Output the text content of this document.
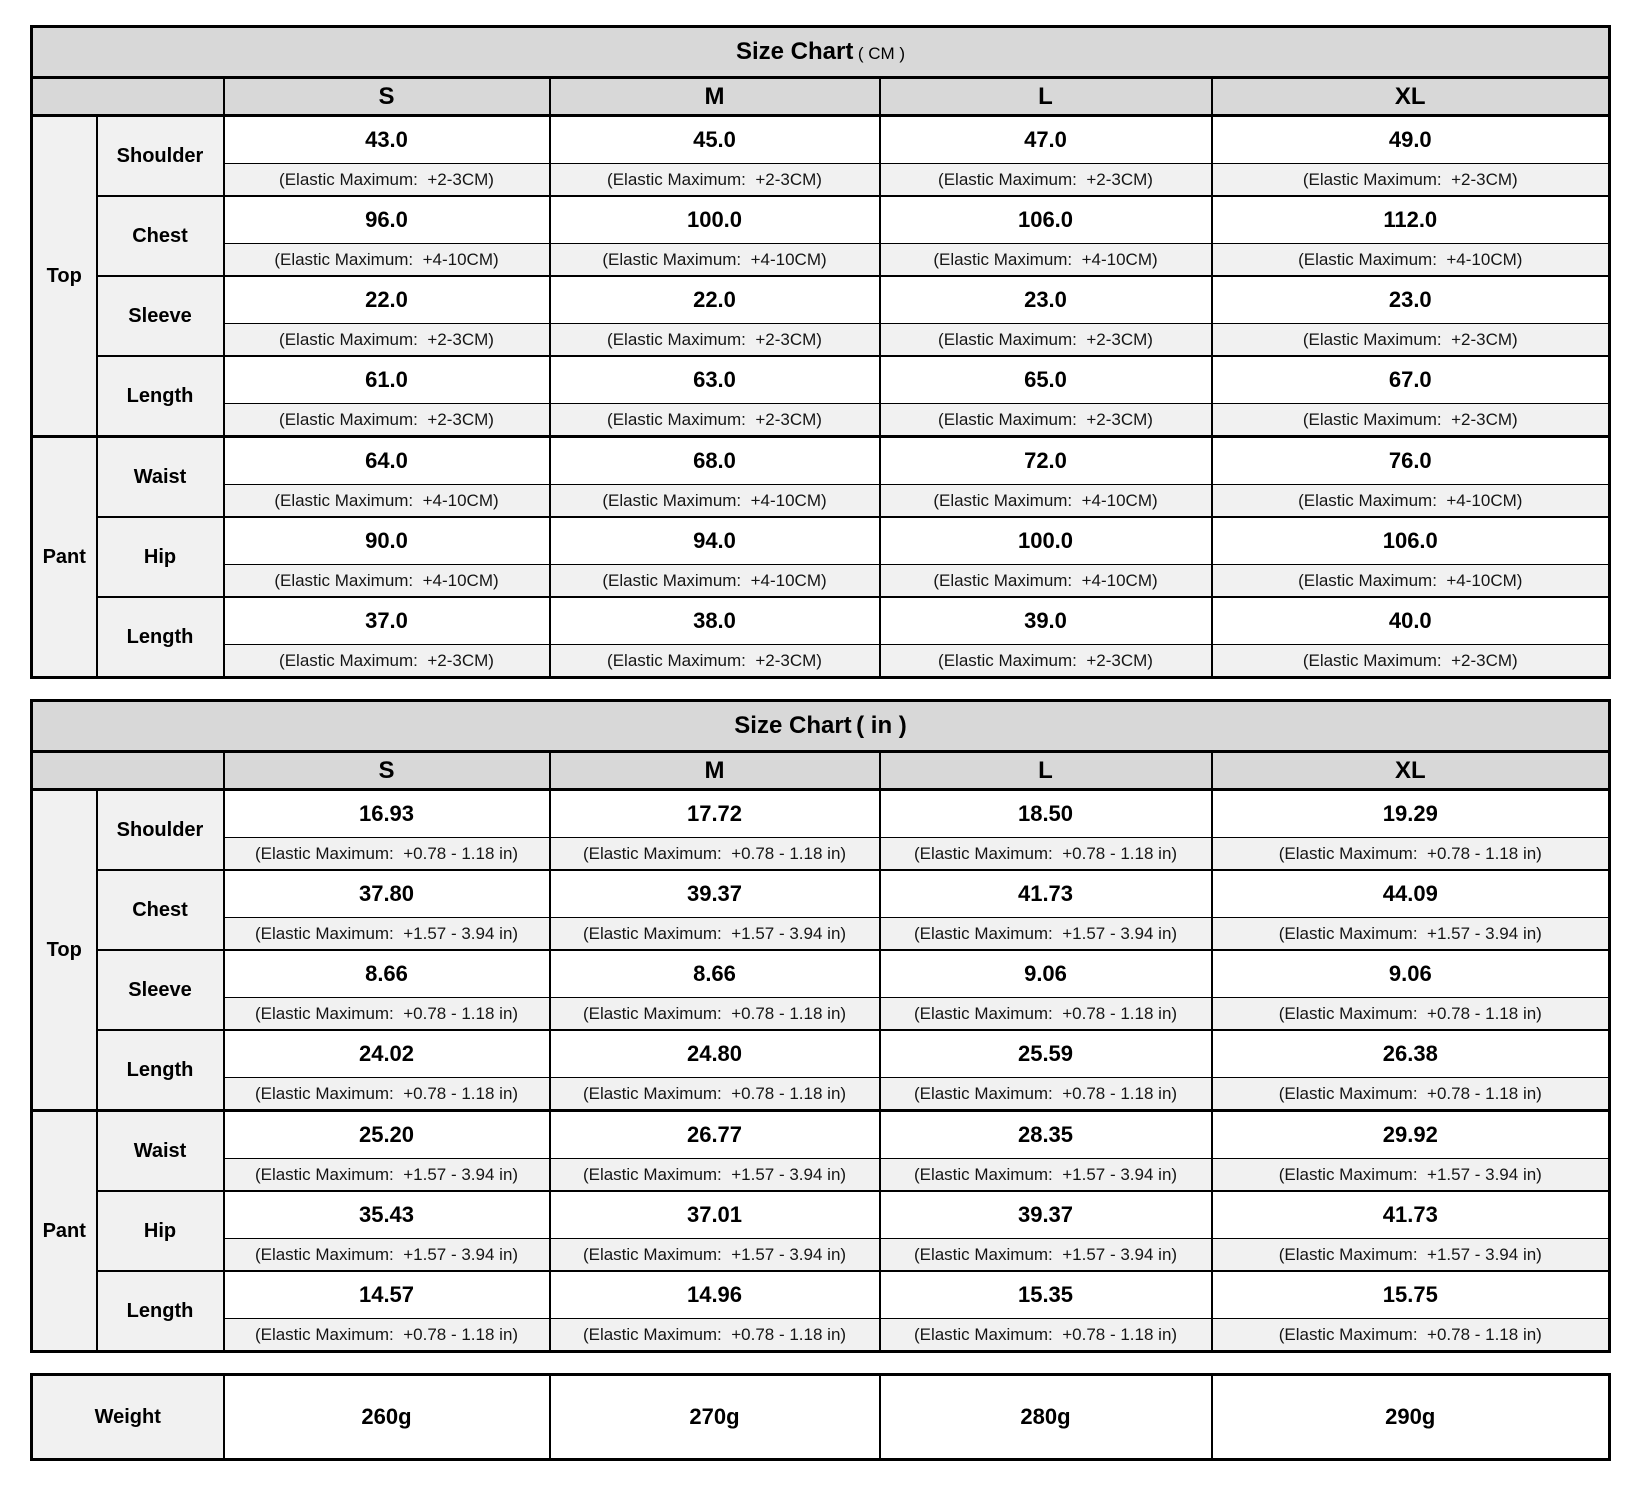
Size Chart ( CM )					
		S	M	L	XL
Top	Shoulder	43.0	45.0	47.0	49.0
		(Elastic Maximum:  +2-3CM)	(Elastic Maximum:  +2-3CM)	(Elastic Maximum:  +2-3CM)	(Elastic Maximum:  +2-3CM)
	Chest	96.0	100.0	106.0	112.0
		(Elastic Maximum:  +4-10CM)	(Elastic Maximum:  +4-10CM)	(Elastic Maximum:  +4-10CM)	(Elastic Maximum:  +4-10CM)
	Sleeve	22.0	22.0	23.0	23.0
		(Elastic Maximum:  +2-3CM)	(Elastic Maximum:  +2-3CM)	(Elastic Maximum:  +2-3CM)	(Elastic Maximum:  +2-3CM)
	Length	61.0	63.0	65.0	67.0
		(Elastic Maximum:  +2-3CM)	(Elastic Maximum:  +2-3CM)	(Elastic Maximum:  +2-3CM)	(Elastic Maximum:  +2-3CM)
Pant	Waist	64.0	68.0	72.0	76.0
		(Elastic Maximum:  +4-10CM)	(Elastic Maximum:  +4-10CM)	(Elastic Maximum:  +4-10CM)	(Elastic Maximum:  +4-10CM)
	Hip	90.0	94.0	100.0	106.0
		(Elastic Maximum:  +4-10CM)	(Elastic Maximum:  +4-10CM)	(Elastic Maximum:  +4-10CM)	(Elastic Maximum:  +4-10CM)
	Length	37.0	38.0	39.0	40.0
		(Elastic Maximum:  +2-3CM)	(Elastic Maximum:  +2-3CM)	(Elastic Maximum:  +2-3CM)	(Elastic Maximum:  +2-3CM)
Size Chart ( in )					
		S	M	L	XL
Top	Shoulder	16.93	17.72	18.50	19.29
		(Elastic Maximum:  +0.78 - 1.18 in)	(Elastic Maximum:  +0.78 - 1.18 in)	(Elastic Maximum:  +0.78 - 1.18 in)	(Elastic Maximum:  +0.78 - 1.18 in)
	Chest	37.80	39.37	41.73	44.09
		(Elastic Maximum:  +1.57 - 3.94 in)	(Elastic Maximum:  +1.57 - 3.94 in)	(Elastic Maximum:  +1.57 - 3.94 in)	(Elastic Maximum:  +1.57 - 3.94 in)
	Sleeve	8.66	8.66	9.06	9.06
		(Elastic Maximum:  +0.78 - 1.18 in)	(Elastic Maximum:  +0.78 - 1.18 in)	(Elastic Maximum:  +0.78 - 1.18 in)	(Elastic Maximum:  +0.78 - 1.18 in)
	Length	24.02	24.80	25.59	26.38
		(Elastic Maximum:  +0.78 - 1.18 in)	(Elastic Maximum:  +0.78 - 1.18 in)	(Elastic Maximum:  +0.78 - 1.18 in)	(Elastic Maximum:  +0.78 - 1.18 in)
Pant	Waist	25.20	26.77	28.35	29.92
		(Elastic Maximum:  +1.57 - 3.94 in)	(Elastic Maximum:  +1.57 - 3.94 in)	(Elastic Maximum:  +1.57 - 3.94 in)	(Elastic Maximum:  +1.57 - 3.94 in)
	Hip	35.43	37.01	39.37	41.73
		(Elastic Maximum:  +1.57 - 3.94 in)	(Elastic Maximum:  +1.57 - 3.94 in)	(Elastic Maximum:  +1.57 - 3.94 in)	(Elastic Maximum:  +1.57 - 3.94 in)
	Length	14.57	14.96	15.35	15.75
		(Elastic Maximum:  +0.78 - 1.18 in)	(Elastic Maximum:  +0.78 - 1.18 in)	(Elastic Maximum:  +0.78 - 1.18 in)	(Elastic Maximum:  +0.78 - 1.18 in)
Weight	260g	270g	280g	290g
